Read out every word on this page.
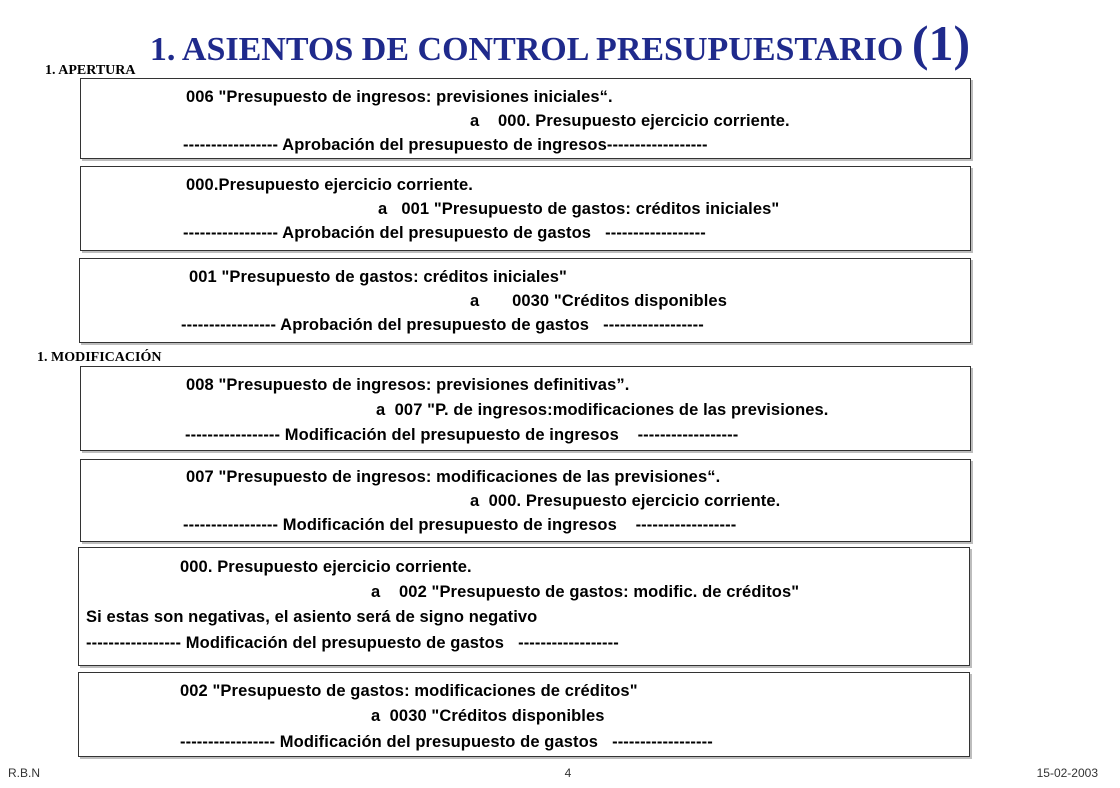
1. ASIENTOS DE CONTROL PRESUPUESTARIO (1)
1. APERTURA
006 "Presupuesto de ingresos: previsiones iniciales“.
a    000. Presupuesto ejercicio corriente.
----------------- Aprobación del presupuesto de ingresos------------------
000.Presupuesto ejercicio corriente.
a   001 "Presupuesto de gastos: créditos iniciales"
----------------- Aprobación del presupuesto de gastos   ------------------
001 "Presupuesto de gastos: créditos iniciales"
a       0030 "Créditos disponibles
----------------- Aprobación del presupuesto de gastos   ------------------
1. MODIFICACIÓN
008 "Presupuesto de ingresos: previsiones definitivas”.
a  007 "P. de ingresos:modificaciones de las previsiones.
----------------- Modificación del presupuesto de ingresos    ------------------
007 "Presupuesto de ingresos: modificaciones de las previsiones“.
a  000. Presupuesto ejercicio corriente.
----------------- Modificación del presupuesto de ingresos    ------------------
000. Presupuesto ejercicio corriente.
a    002 "Presupuesto de gastos: modific. de créditos"
Si estas son negativas, el asiento será de signo negativo
----------------- Modificación del presupuesto de gastos   ------------------
002 "Presupuesto de gastos: modificaciones de créditos"
a  0030 "Créditos disponibles
----------------- Modificación del presupuesto de gastos   ------------------
R.B.N	4	15-02-2003
